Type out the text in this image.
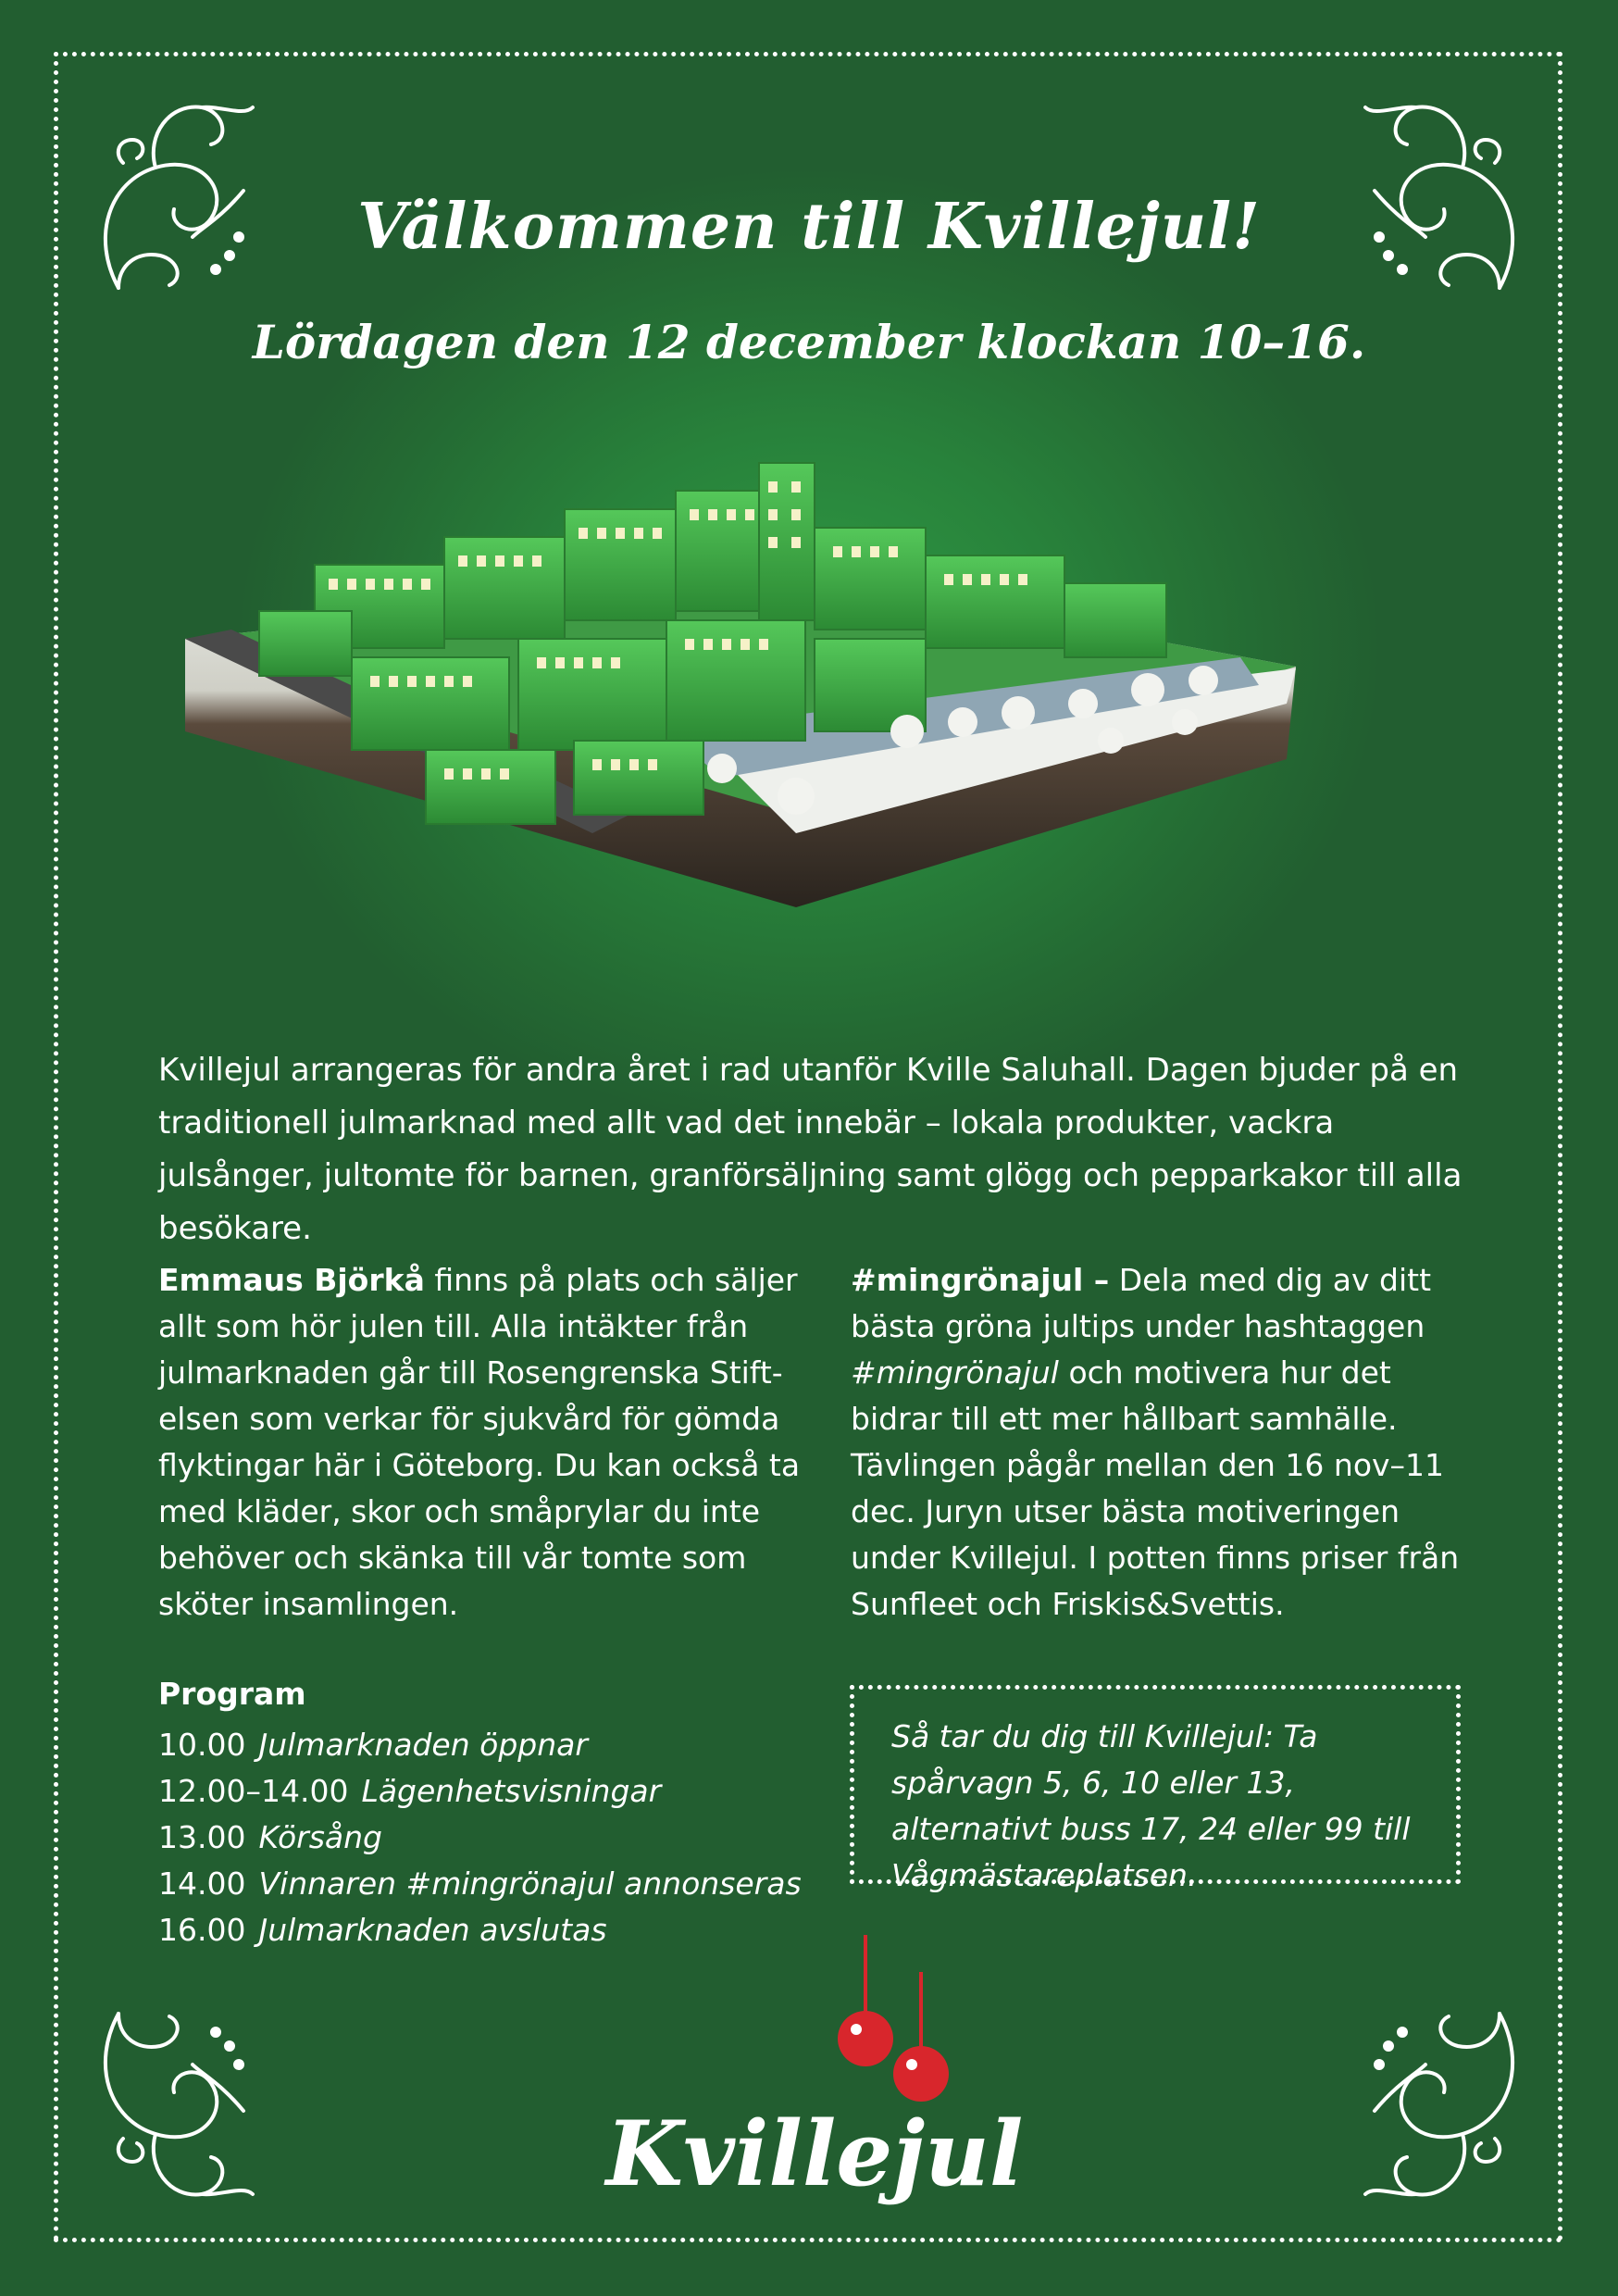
Välkommen till Kvillejul!
Lördagen den 12 december klockan 10–16.
Kvillejul arrangeras för andra året i rad utanför Kville Saluhall. Dagen bjuder på en traditionell julmarknad med allt vad det innebär – lokala produkter, vackra julsånger, jultomte för barnen, granförsäljning samt glögg och pepparkakor till alla besökare.
Emmaus Björkå finns på plats och säljer allt som hör julen till. Alla intäkter från julmarknaden går till Rosengrenska Stift- elsen som verkar för sjukvård för gömda flyktingar här i Göteborg. Du kan också ta med kläder, skor och småprylar du inte behöver och skänka till vår tomte som sköter insamlingen.
#mingrönajul – Dela med dig av ditt bästa gröna jultips under hashtaggen #mingrönajul och motivera hur det bidrar till ett mer hållbart samhälle. Tävlingen pågår mellan den 16 nov–11 dec. Juryn utser bästa motiveringen under Kvillejul. I potten finns priser från Sunfleet och Friskis&Svettis.
Program
10.00 Julmarknaden öppnar
12.00–14.00 Lägenhetsvisningar
13.00 Körsång
14.00 Vinnaren #mingrönajul annonseras
16.00 Julmarknaden avslutas
Så tar du dig till Kvillejul: Ta spårvagn 5, 6, 10 eller 13, alternativt buss 17, 24 eller 99 till Vågmästareplatsen.
Kvillejul
